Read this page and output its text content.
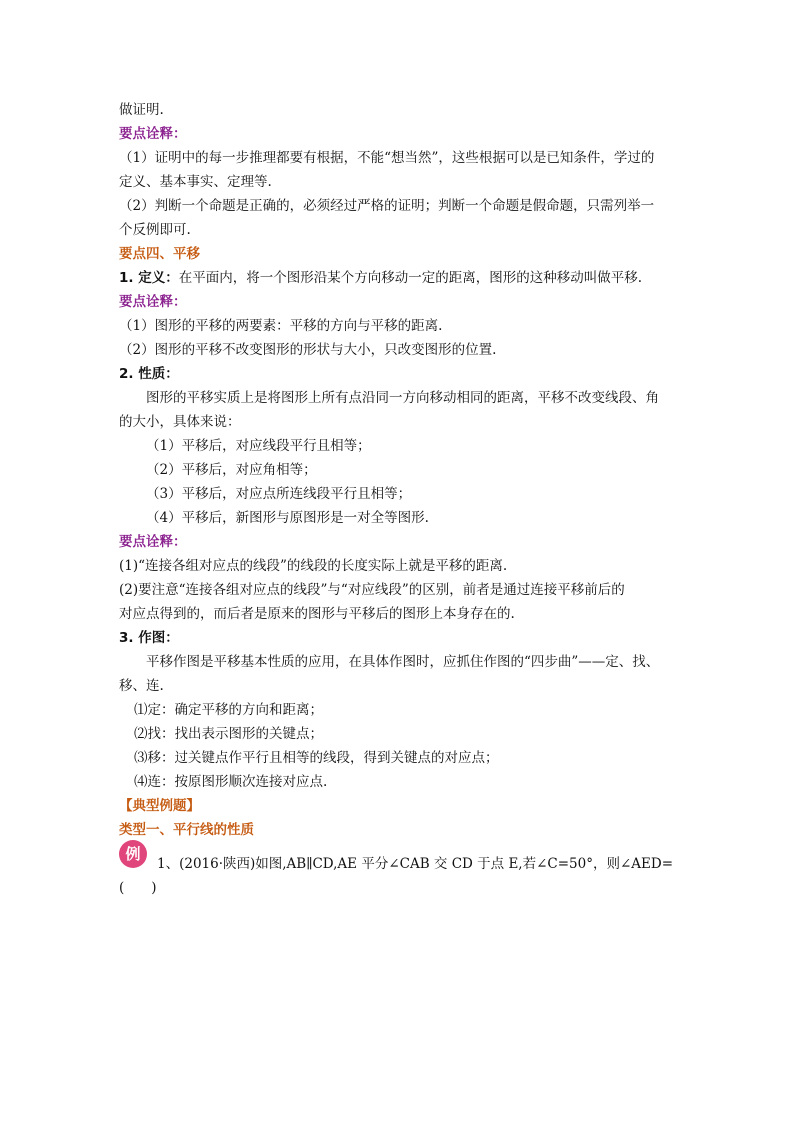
做证明.
要点诠释：
（1）证明中的每一步推理都要有根据，不能“想当然”，这些根据可以是已知条件，学过的
定义、基本事实、定理等.
（2）判断一个命题是正确的，必须经过严格的证明；判断一个命题是假命题，只需列举一
个反例即可.
要点四、平移
1. 定义：在平面内，将一个图形沿某个方向移动一定的距离，图形的这种移动叫做平移.
要点诠释：
（1）图形的平移的两要素：平移的方向与平移的距离.
（2）图形的平移不改变图形的形状与大小，只改变图形的位置.
2. 性质：
图形的平移实质上是将图形上所有点沿同一方向移动相同的距离，平移不改变线段、角
的大小，具体来说：
（1）平移后，对应线段平行且相等；
（2）平移后，对应角相等；
（3）平移后，对应点所连线段平行且相等；
（4）平移后，新图形与原图形是一对全等图形.
要点诠释：
(1)“连接各组对应点的线段”的线段的长度实际上就是平移的距离.
(2)要注意“连接各组对应点的线段”与“对应线段”的区别，前者是通过连接平移前后的
对应点得到的，而后者是原来的图形与平移后的图形上本身存在的.
3. 作图：
平移作图是平移基本性质的应用，在具体作图时，应抓住作图的“四步曲”——定、找、
移、连.
⑴定：确定平移的方向和距离；
⑵找：找出表示图形的关键点；
⑶移：过关键点作平行且相等的线段，得到关键点的对应点；
⑷连：按原图形顺次连接对应点.
【典型例题】
类型一、平行线的性质
例
1、(2016·陕西)如图,AB∥CD,AE 平分∠CAB 交 CD 于点 E,若∠C=50°，则∠AED=
(　　)
